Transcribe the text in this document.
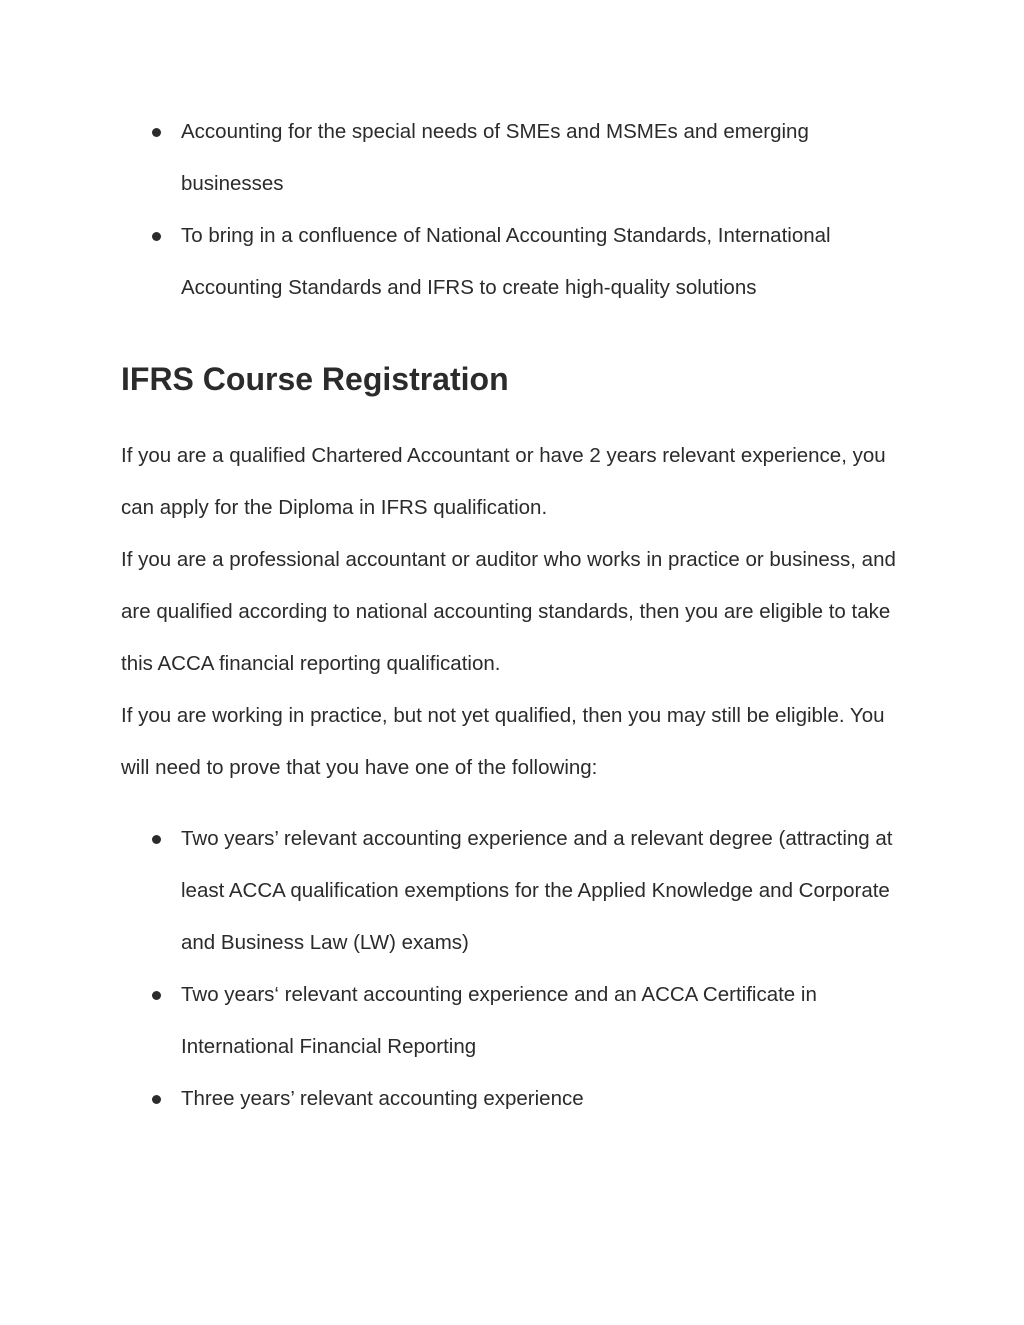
Accounting for the special needs of SMEs and MSMEs and emerging businesses
To bring in a confluence of National Accounting Standards, International Accounting Standards and IFRS to create high-quality solutions
IFRS Course Registration

If you are a qualified Chartered Accountant or have 2 years relevant experience, you can apply for the Diploma in IFRS qualification.

If you are a professional accountant or auditor who works in practice or business, and are qualified according to national accounting standards, then you are eligible to take this ACCA financial reporting qualification.

If you are working in practice, but not yet qualified, then you may still be eligible. You will need to prove that you have one of the following:

Two years’ relevant accounting experience and a relevant degree (attracting at least ACCA qualification exemptions for the Applied Knowledge and Corporate and Business Law (LW) exams)
Two years‘ relevant accounting experience and an ACCA Certificate in International Financial Reporting
Three years’ relevant accounting experience
